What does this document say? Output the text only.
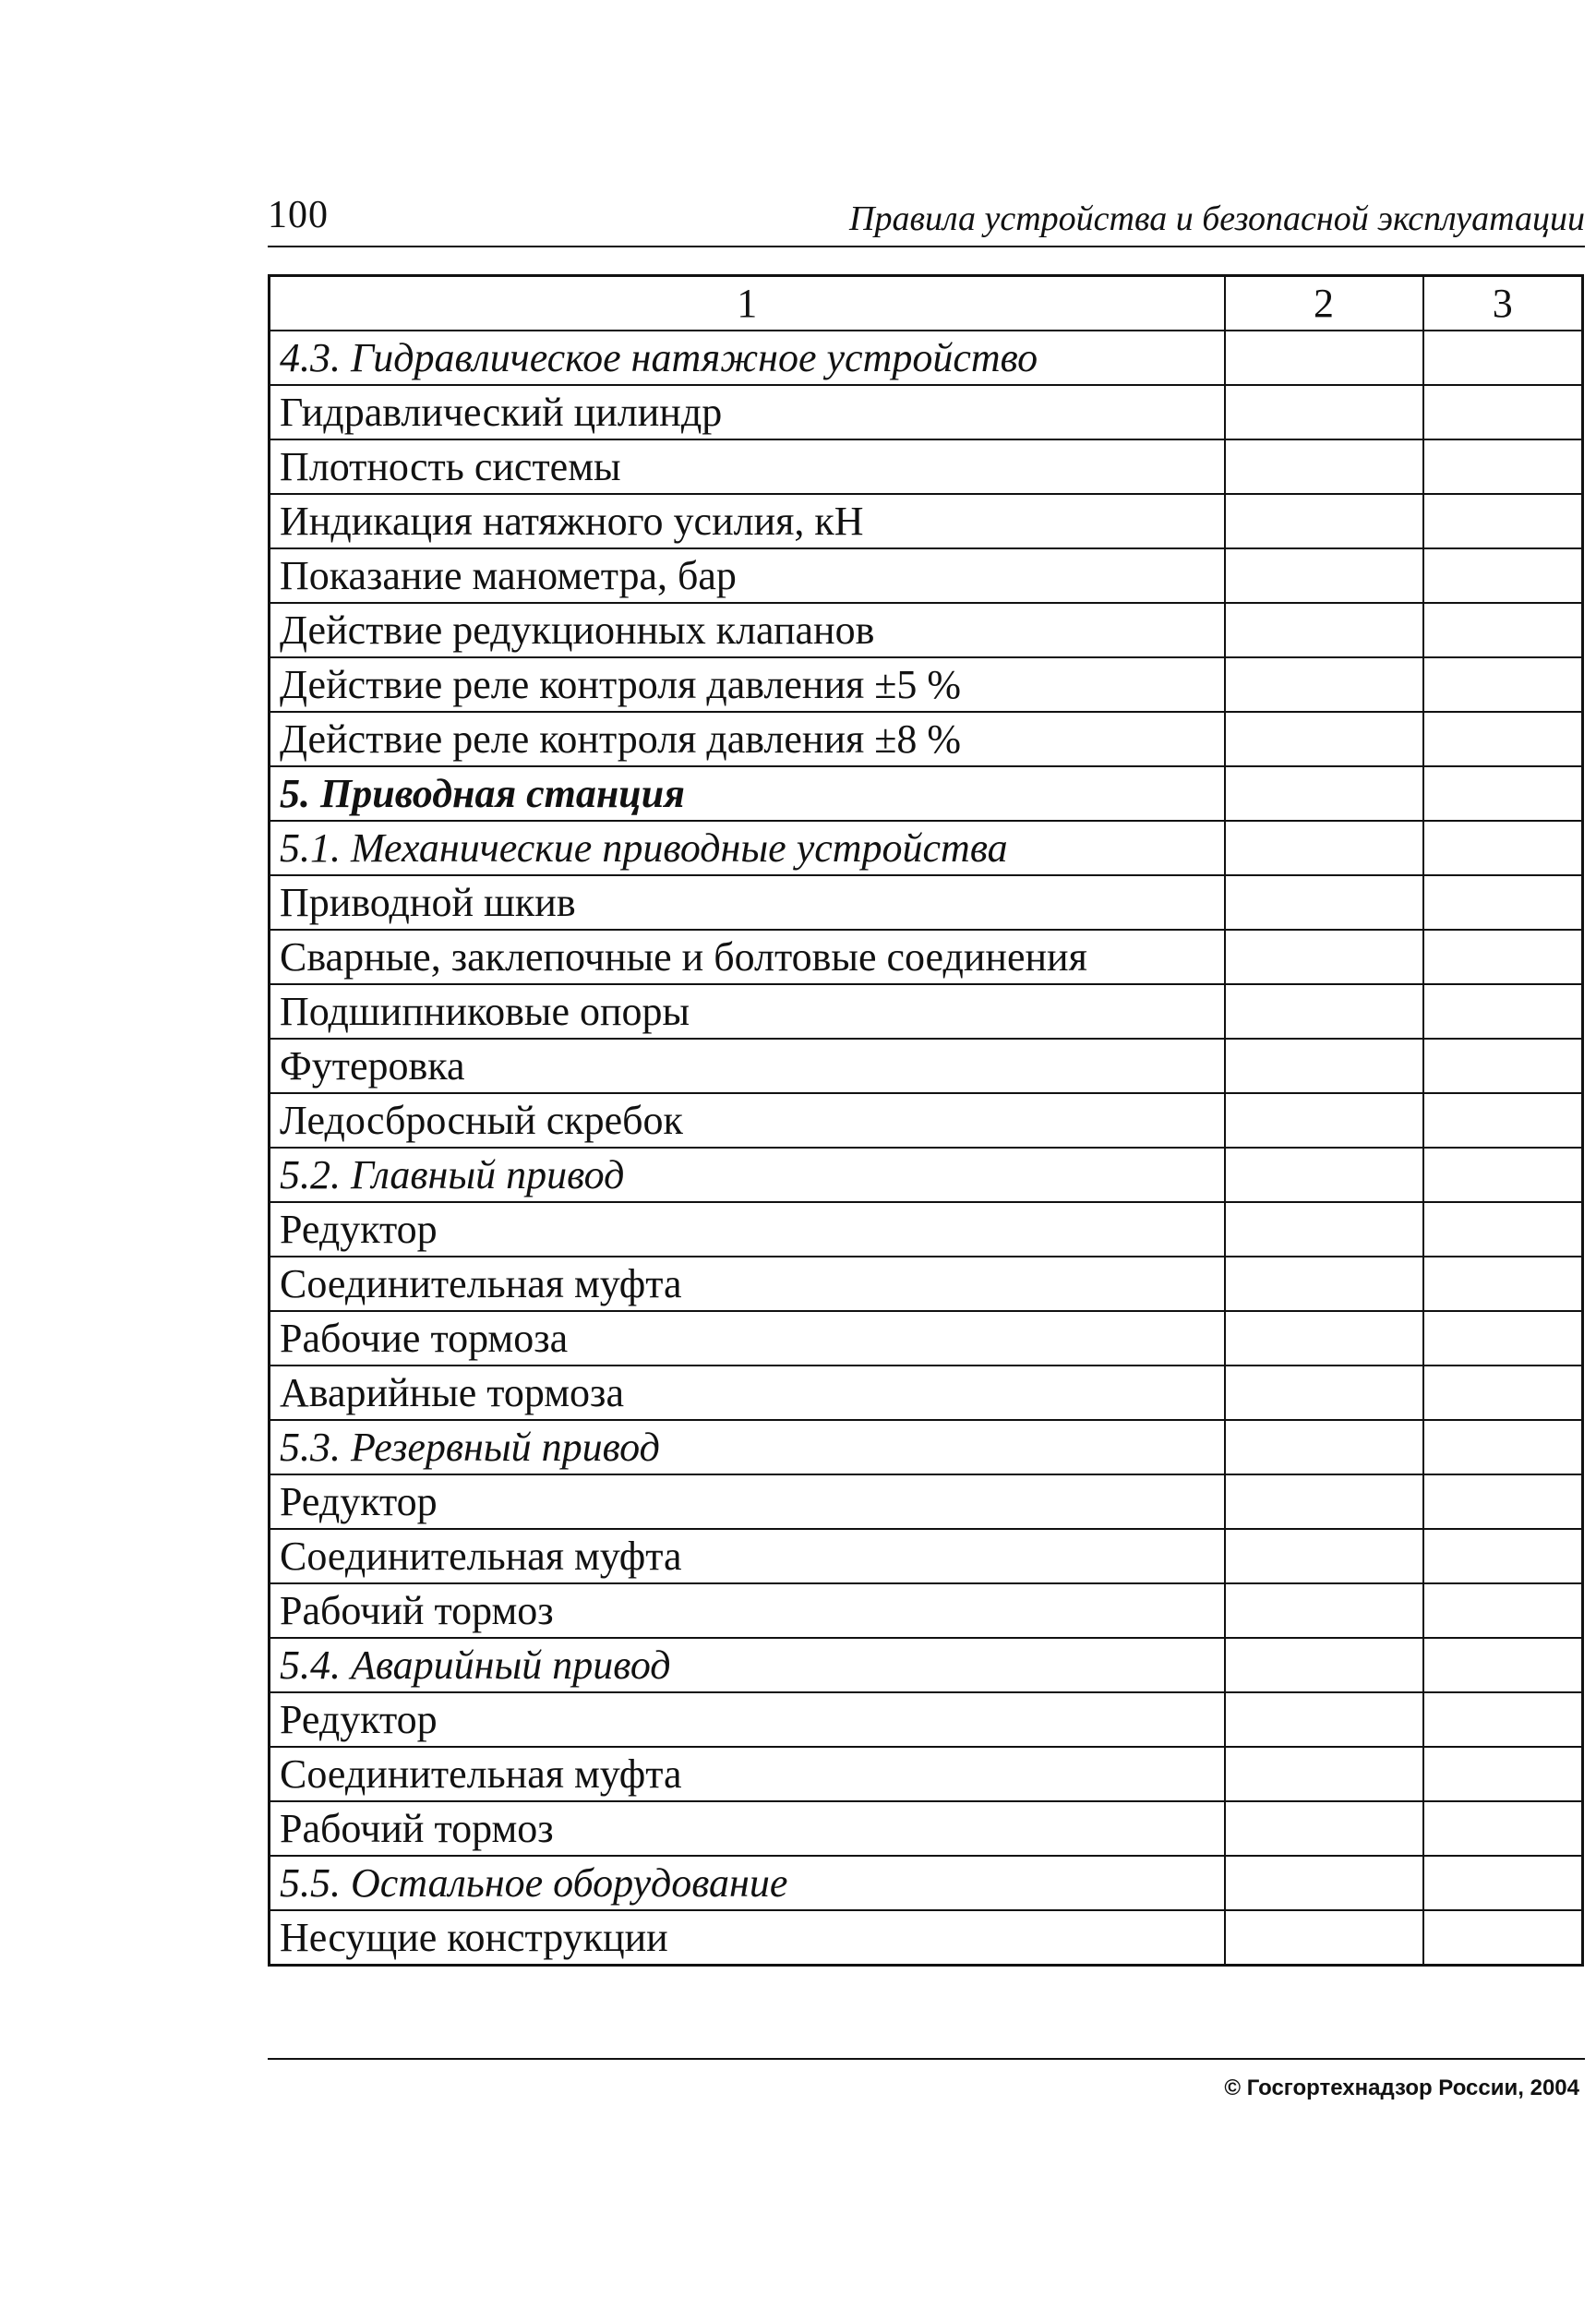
100	Правила устройства и безопасной эксплуатации
1	2	3
4.3. Гидравлическое натяжное устройство		
Гидравлический цилиндр		
Плотность системы		
Индикация натяжного усилия, кН		
Показание манометра, бар		
Действие редукционных клапанов		
Действие реле контроля давления ±5 %		
Действие реле контроля давления ±8 %		
5. Приводная станция		
5.1. Механические приводные устройства		
Приводной шкив		
Сварные, заклепочные и болтовые соединения		
Подшипниковые опоры		
Футеровка		
Ледосбросный скребок		
5.2. Главный привод		
Редуктор		
Соединительная муфта		
Рабочие тормоза		
Аварийные тормоза		
5.3. Резервный привод		
Редуктор		
Соединительная муфта		
Рабочий тормоз		
5.4. Аварийный привод		
Редуктор		
Соединительная муфта		
Рабочий тормоз		
5.5. Остальное оборудование		
Несущие конструкции		
© Госгортехнадзор России, 2004
